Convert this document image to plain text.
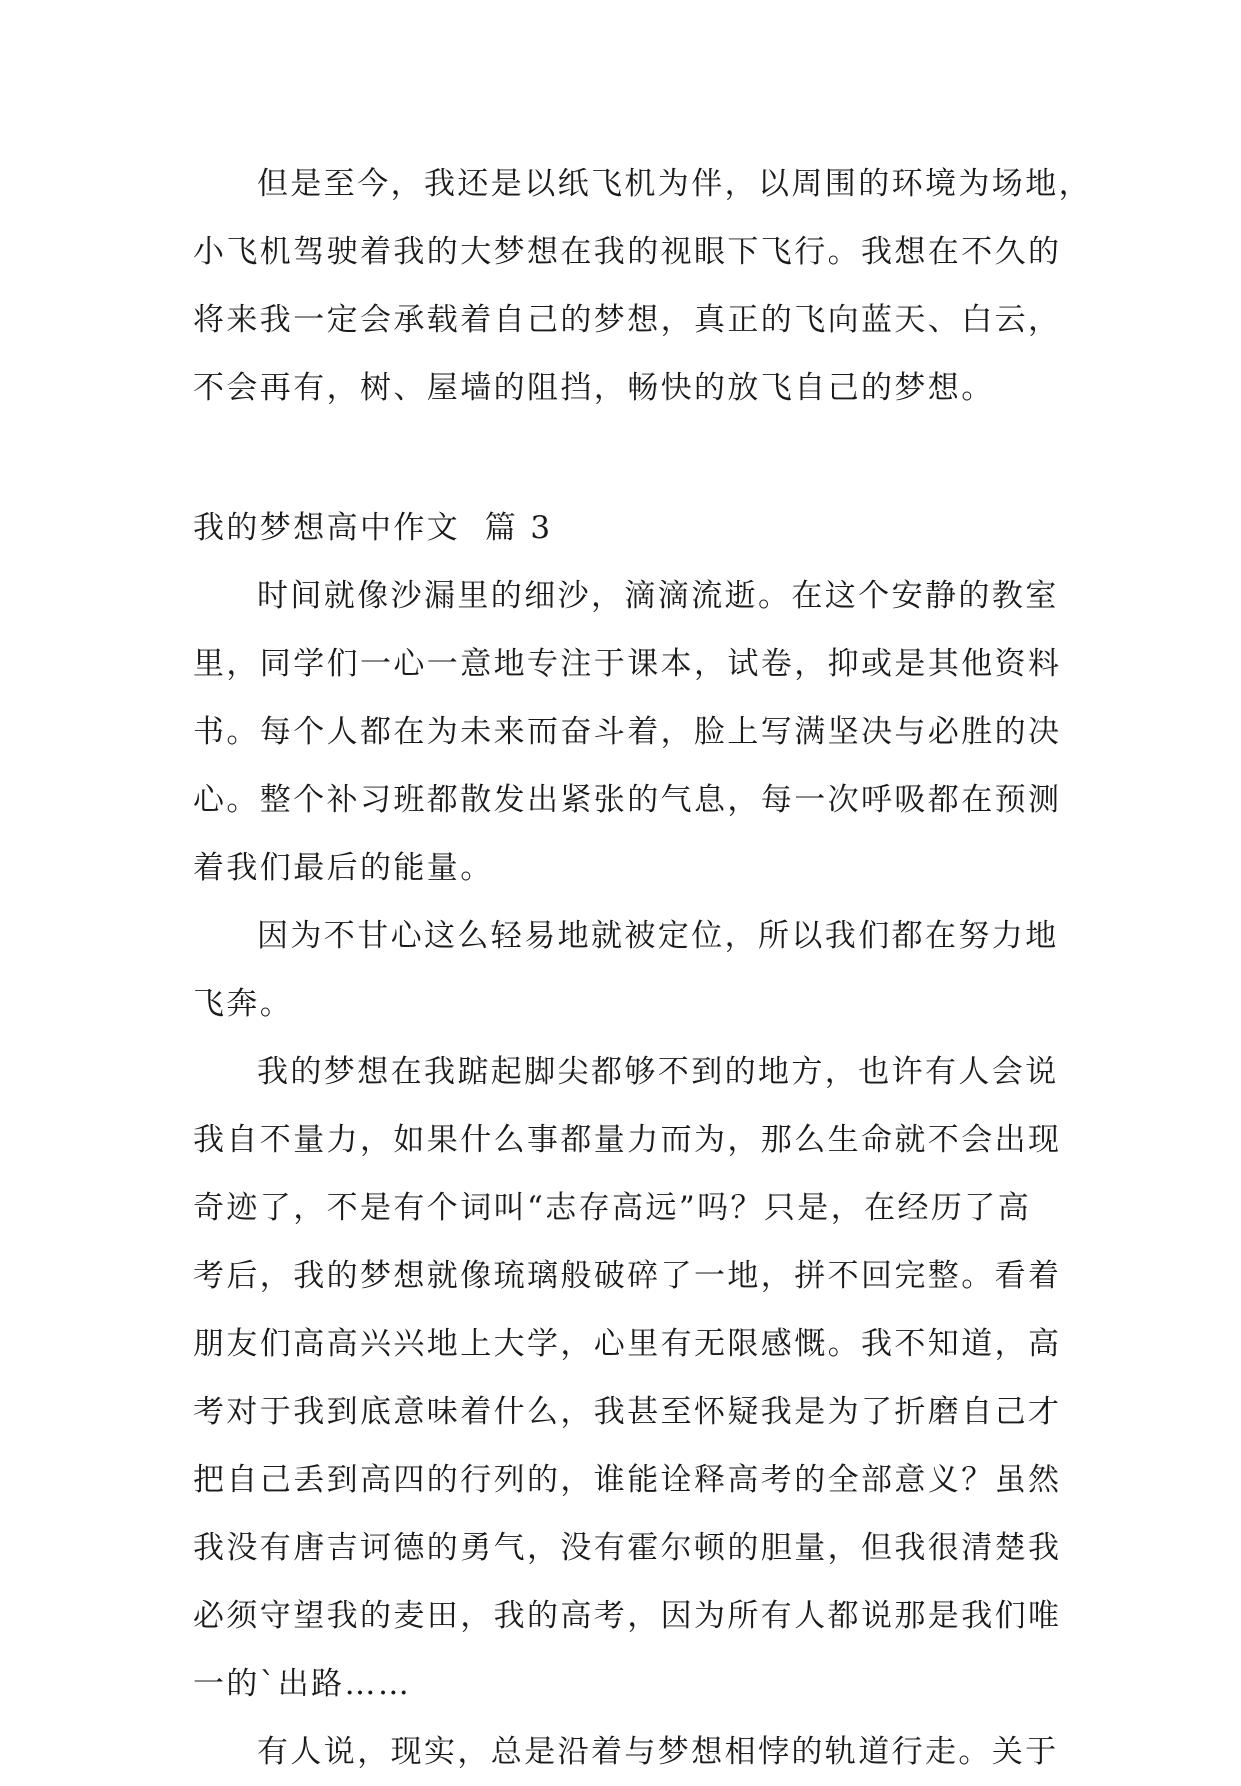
但是至今，我还是以纸飞机为伴，以周围的环境为场地，
小飞机驾驶着我的大梦想在我的视眼下飞行。我想在不久的
将来我一定会承载着自己的梦想，真正的飞向蓝天、白云，
不会再有，树、屋墙的阻挡，畅快的放飞自己的梦想。
我的梦想高中作文  篇 3
时间就像沙漏里的细沙，滴滴流逝。在这个安静的教室
里，同学们一心一意地专注于课本，试卷，抑或是其他资料
书。每个人都在为未来而奋斗着，脸上写满坚决与必胜的决
心。整个补习班都散发出紧张的气息，每一次呼吸都在预测
着我们最后的能量。
因为不甘心这么轻易地就被定位，所以我们都在努力地
飞奔。
我的梦想在我踮起脚尖都够不到的地方，也许有人会说
我自不量力，如果什么事都量力而为，那么生命就不会出现
奇迹了，不是有个词叫“志存高远”吗？只是，在经历了高
考后，我的梦想就像琉璃般破碎了一地，拼不回完整。看着
朋友们高高兴兴地上大学，心里有无限感慨。我不知道，高
考对于我到底意味着什么，我甚至怀疑我是为了折磨自己才
把自己丢到高四的行列的，谁能诠释高考的全部意义？虽然
我没有唐吉诃德的勇气，没有霍尔顿的胆量，但我很清楚我
必须守望我的麦田，我的高考，因为所有人都说那是我们唯
一的`出路……
有人说，现实，总是沿着与梦想相悖的轨道行走。关于
